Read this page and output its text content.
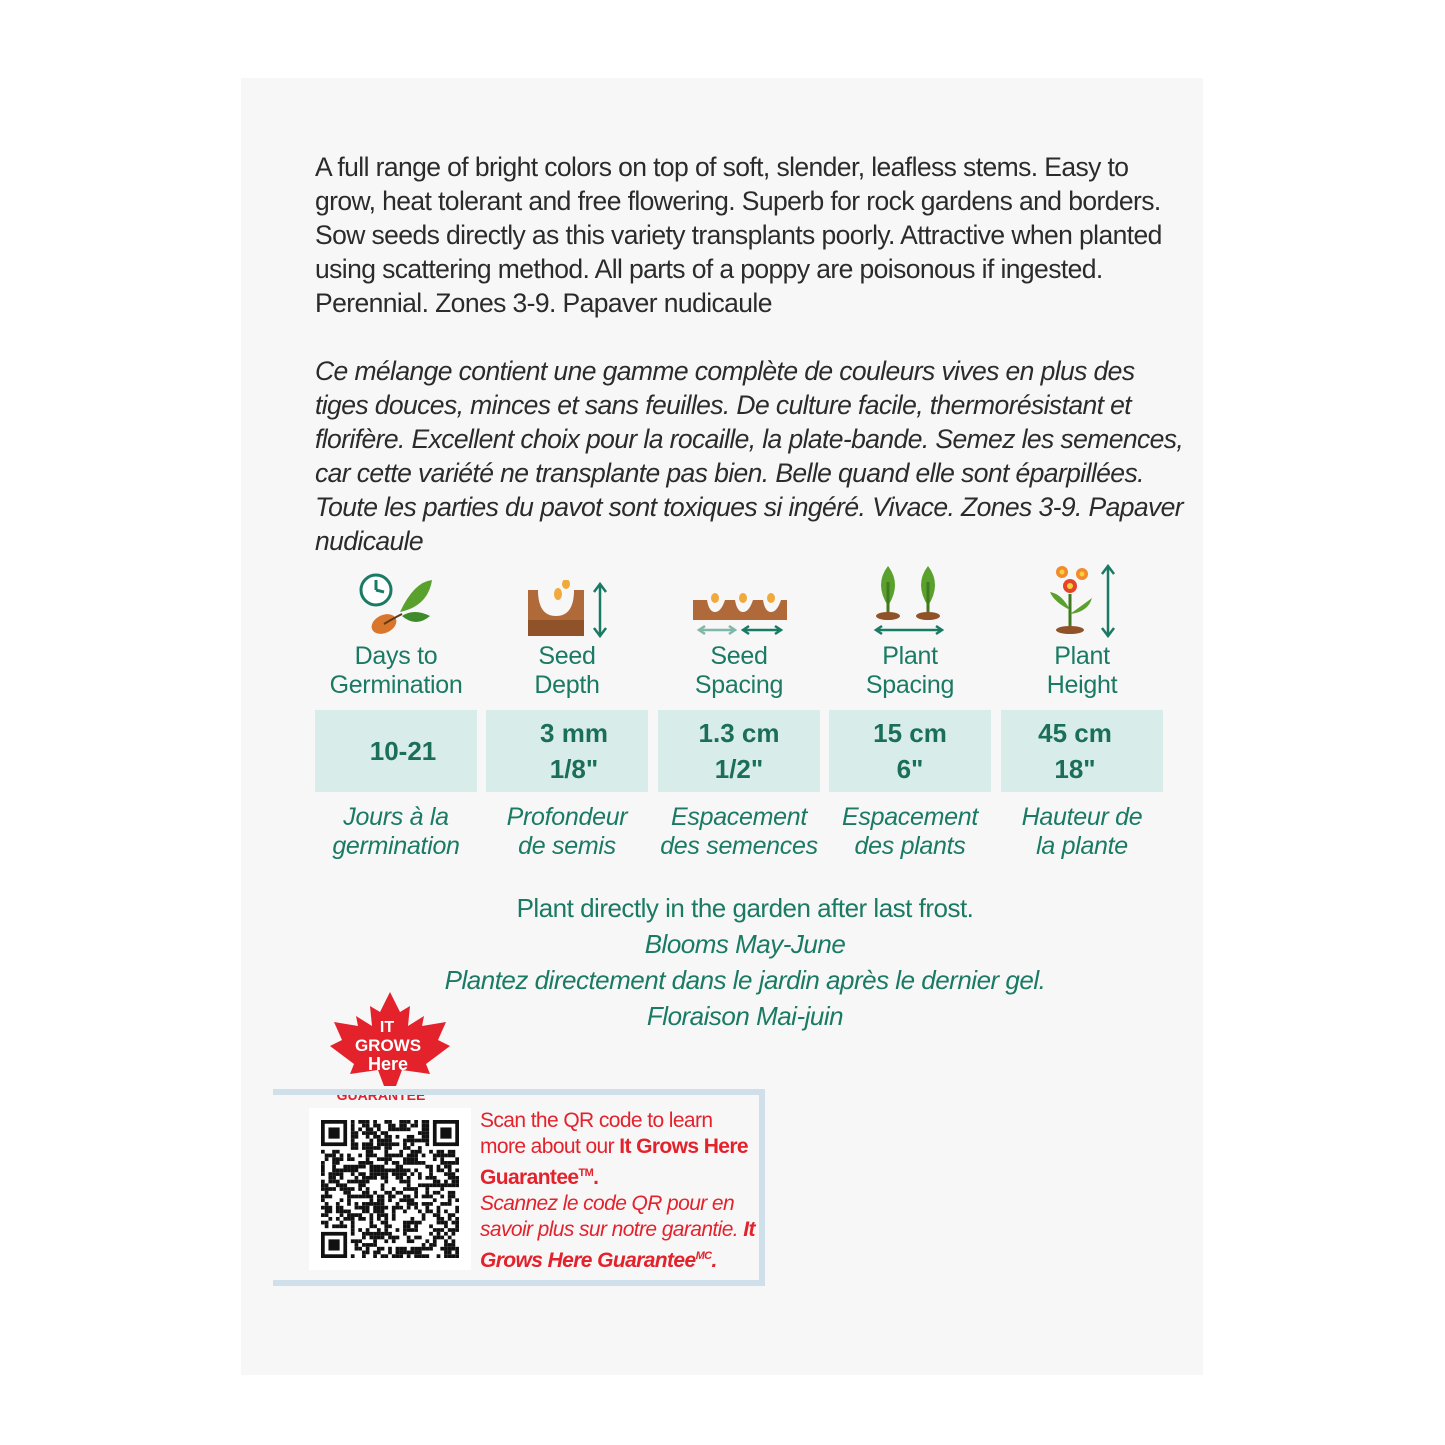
A full range of bright colors on top of soft, slender, leafless stems. Easy to grow, heat tolerant and free flowering. Superb for rock gardens and borders. Sow seeds directly as this variety transplants poorly. Attractive when planted using scattering method. All parts of a poppy are poisonous if ingested. Perennial. Zones 3-9. Papaver nudicaule
Ce mélange contient une gamme complète de couleurs vives en plus des tiges douces, minces et sans feuilles. De culture facile, thermorésistant et florifère. Excellent choix pour la rocaille, la plate-bande. Semez les semences, car cette variété ne transplante pas bien. Belle quand elle sont éparpillées. Toute les parties du pavot sont toxiques si ingéré. Vivace. Zones 3-9. Papaver nudicaule
Days to
Germination
Seed
Depth
Seed
Spacing
Plant
Spacing
Plant
Height
10-21
3 mm
1/8"
1.3 cm
1/2"
15 cm
6"
45 cm
18"
Jours à la
germination
Profondeur
de semis
Espacement
des semences
Espacement
des plants
Hauteur de
la plante
Plant directly in the garden after last frost.
Blooms May-June
Plantez directement dans le jardin après le dernier gel.
Floraison Mai-juin
IT
GROWS
Here
GUARANTEE™
Scan the QR code to learn more about our It Grows Here Guarantee™.
Scannez le code QR pour en savoir plus sur notre garantie. It Grows Here Guarantee$^{MC}$.
